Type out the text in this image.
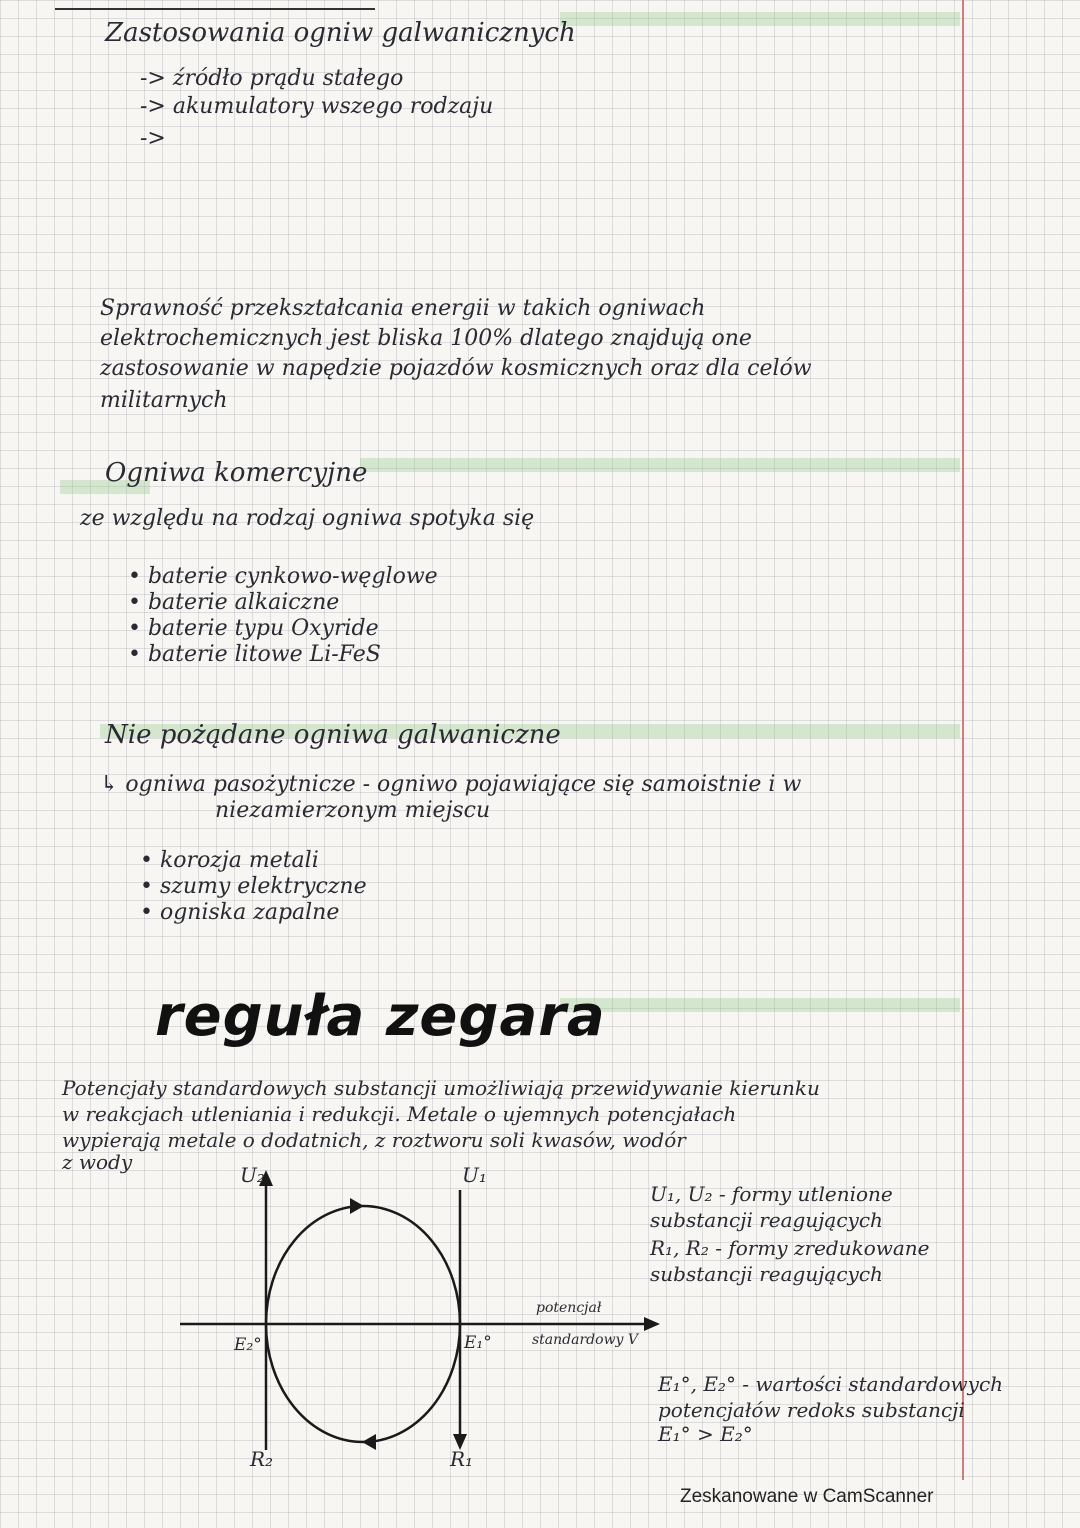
Zastosowania ogniw galwanicznych
-> źródło prądu stałego
-> akumulatory wszego rodzaju
->
Sprawność przekształcania energii w takich ogniwach
elektrochemicznych jest bliska 100% dlatego znajdują one
zastosowanie w napędzie pojazdów kosmicznych oraz dla celów
militarnych
Ogniwa komercyjne
ze względu na rodzaj ogniwa spotyka się
• baterie cynkowo-węglowe
• baterie alkaiczne
• baterie typu Oxyride
• baterie litowe Li-FeS
Nie pożądane ogniwa galwaniczne
↳ ogniwa pasożytnicze - ogniwo pojawiające się samoistnie i w
niezamierzonym miejscu
• korozja metali
• szumy elektryczne
• ogniska zapalne
reguła zegara
Potencjały standardowych substancji umożliwiają przewidywanie kierunku
w reakcjach utleniania i redukcji. Metale o ujemnych potencjałach
wypierają metale o dodatnich, z roztworu soli kwasów, wodór
z wody
U₂	U₁
E₂°	E₁°
R₂	R₁
potencjał
standardowy V
U₁, U₂ - formy utlenione
substancji reagujących
R₁, R₂ - formy zredukowane
substancji reagujących
E₁°, E₂° - wartości standardowych
potencjałów redoks substancji
E₁° > E₂°
Zeskanowane w CamScanner
